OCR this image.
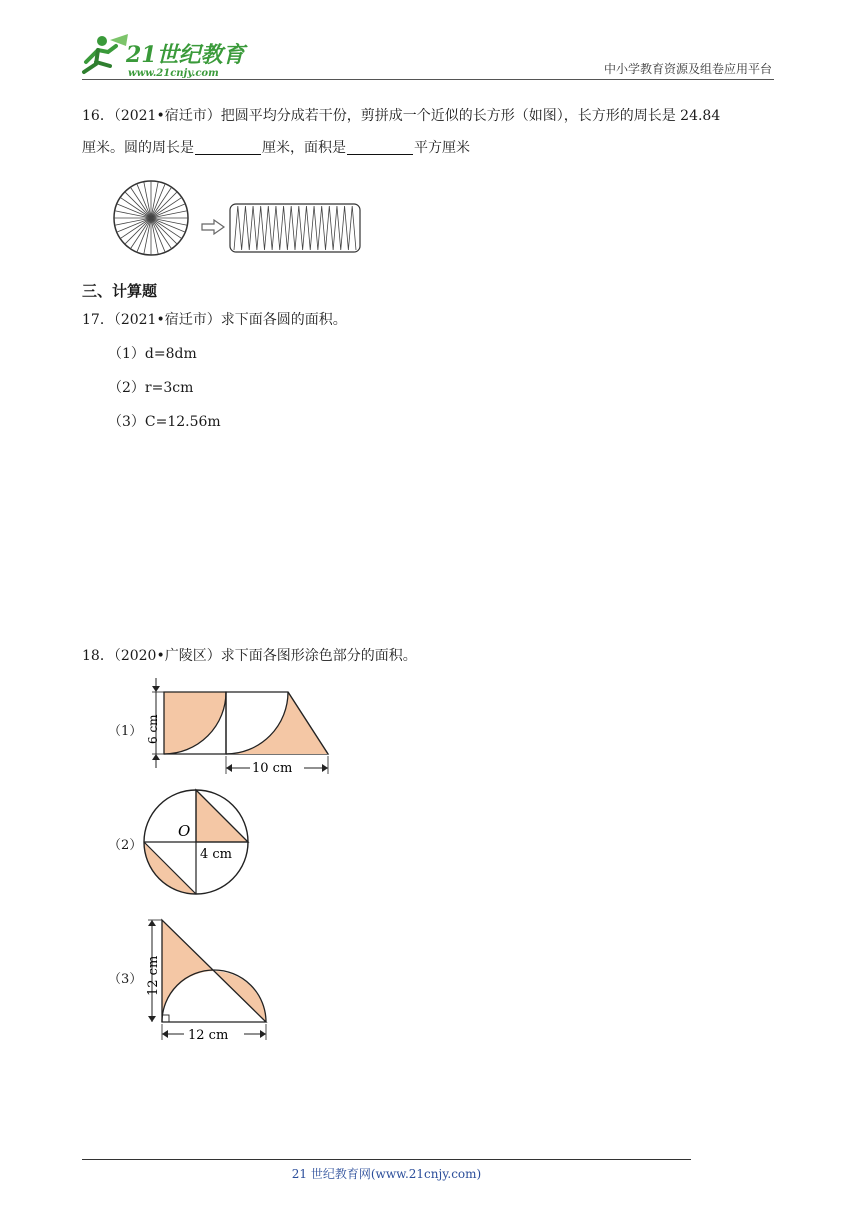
21世纪教育
www.21cnjy.com	中小学教育资源及组卷应用平台
16．（2021•宿迁市）把圆平均分成若干份，剪拼成一个近似的长方形（如图），长方形的周长是 24.84
厘米。圆的周长是	厘米，面积是	平方厘米
三、计算题
17．（2021•宿迁市）求下面各圆的面积。
（1）d=8dm
（2）r=3cm
（3）C=12.56m
18．（2020•广陵区）求下面各图形涂色部分的面积。
（1） 6 cm
10 cm
（2）
O
4 cm
（3） 12 cm
12 cm
21 世纪教育网(www.21cnjy.com)
